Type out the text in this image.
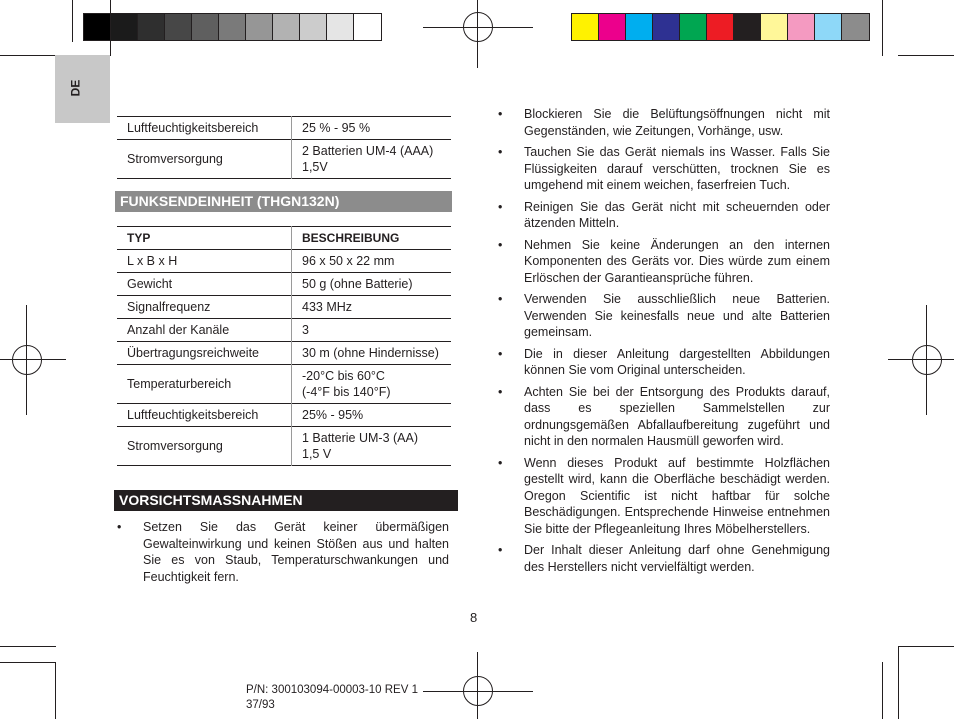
DE
Luftfeuchtigkeitsbereich	25 % - 95 %
Stromversorgung	2 Batterien UM-4 (AAA) 1,5V
FUNKSENDEINHEIT (THGN132N)
TYP	BESCHREIBUNG
L x B x H	96 x 50 x 22 mm
Gewicht	50 g (ohne Batterie)
Signalfrequenz	433 MHz
Anzahl der Kanäle	3
Übertragungsreichweite	30 m (ohne Hindernisse)
Temperaturbereich	-20°C bis 60°C
(-4°F bis 140°F)

Luftfeuchtigkeitsbereich	25% - 95%
Stromversorgung	1 Batterie UM-3 (AA)
1,5 V
VORSICHTSMASSNAHMEN
• Setzen Sie das Gerät keiner übermäßigen Gewalteinwirkung und keinen Stößen aus und halten Sie es von Staub, Temperaturschwankungen und Feuchtigkeit fern.
• Blockieren Sie die Belüftungsöffnungen nicht mit Gegenständen, wie Zeitungen, Vorhänge, usw.
• Tauchen Sie das Gerät niemals ins Wasser. Falls Sie Flüssigkeiten darauf verschütten, trocknen Sie es umgehend mit einem weichen, faserfreien Tuch.
• Reinigen Sie das Gerät nicht mit scheuernden oder ätzenden Mitteln.
• Nehmen Sie keine Änderungen an den internen Komponenten des Geräts vor. Dies würde zum einem Erlöschen der Garantieansprüche führen.
• Verwenden Sie ausschließlich neue Batterien. Verwenden Sie keinesfalls neue und alte Batterien gemeinsam.
• Die in dieser Anleitung dargestellten Abbildungen können Sie vom Original unterscheiden.
• Achten Sie bei der Entsorgung des Produkts darauf, dass es speziellen Sammelstellen zur ordnungsgemäßen Abfallaufbereitung zugeführt und nicht in den normalen Hausmüll geworfen wird.
• Wenn dieses Produkt auf bestimmte Holzflächen gestellt wird, kann die Oberfläche beschädigt werden. Oregon Scientific ist nicht haftbar für solche Beschädigungen. Entsprechende Hinweise entnehmen Sie bitte der Pflegeanleitung Ihres Möbelherstellers.
• Der Inhalt dieser Anleitung darf ohne Genehmigung des Herstellers nicht vervielfältigt werden.
8
P/N: 300103094-00003-10 REV 1
37/93
